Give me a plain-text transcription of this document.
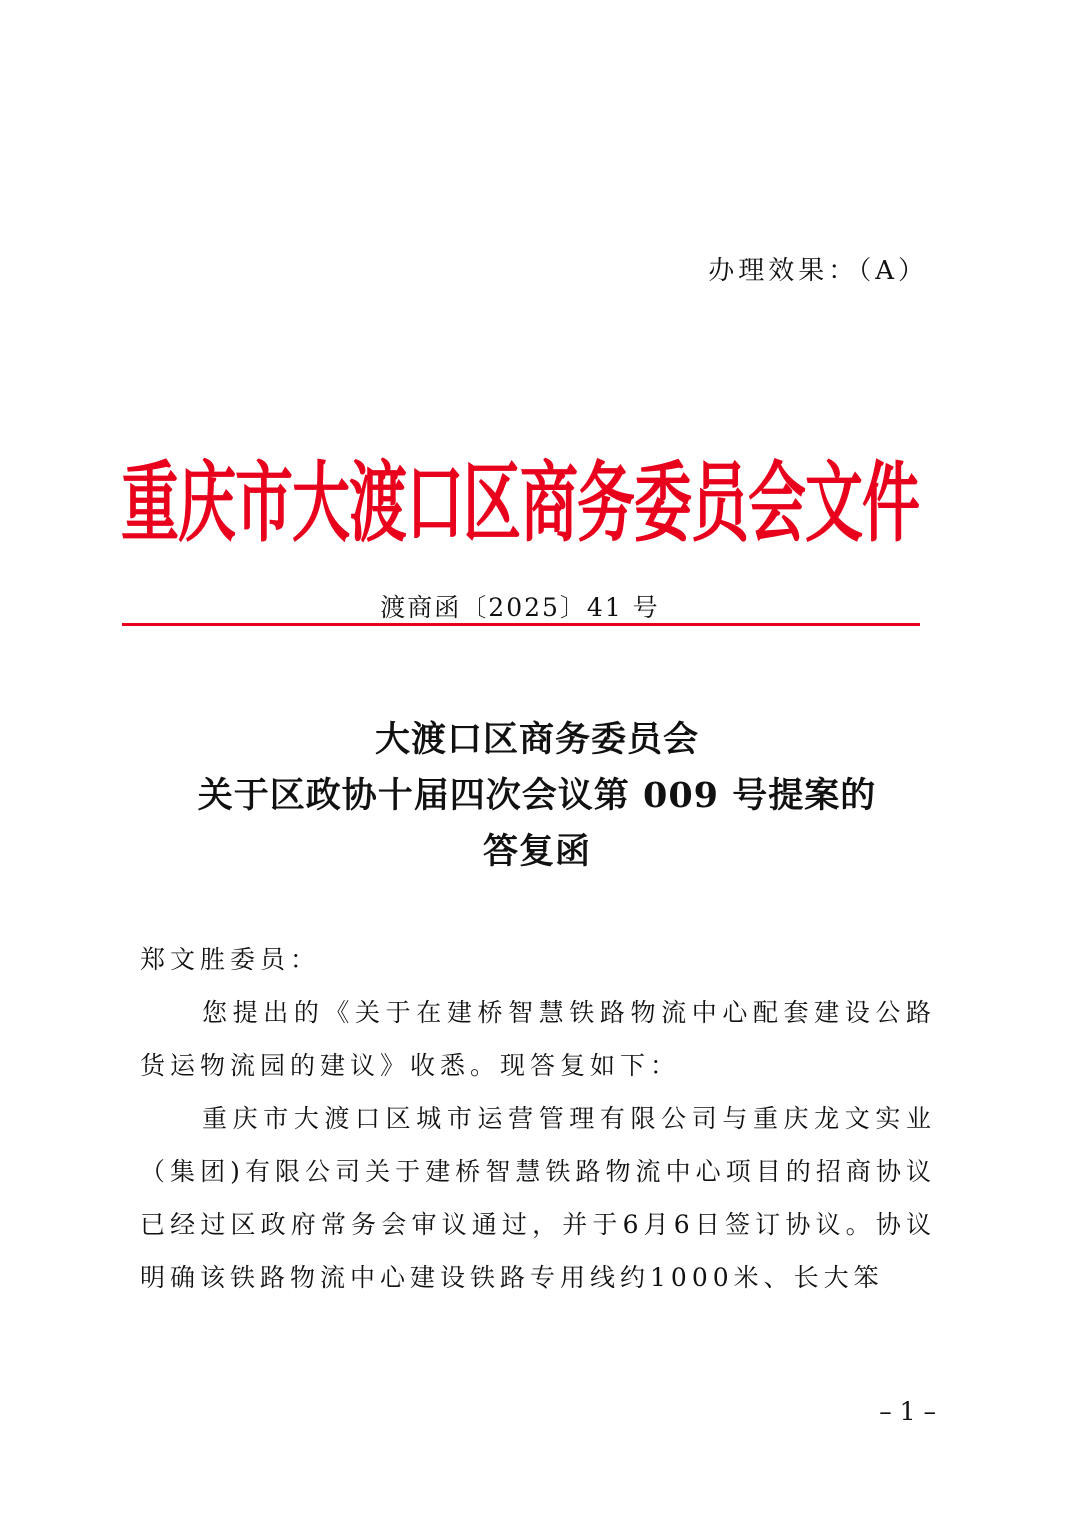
办理效果：（A）
重庆市大渡口区商务委员会文件
渡商函〔2025〕41 号
大渡口区商务委员会
关于区政协十届四次会议第 009 号提案的
答复函

郑文胜委员：

您提出的《关于在建桥智慧铁路物流中心配套建设公路货运物流园的建议》收悉。现答复如下：

重庆市大渡口区城市运营管理有限公司与重庆龙文实业（集团)有限公司关于建桥智慧铁路物流中心项目的招商协议已经过区政府常务会审议通过，并于6月6日签订协议。协议明确该铁路物流中心建设铁路专用线约1000米、长大笨

– 1 –
